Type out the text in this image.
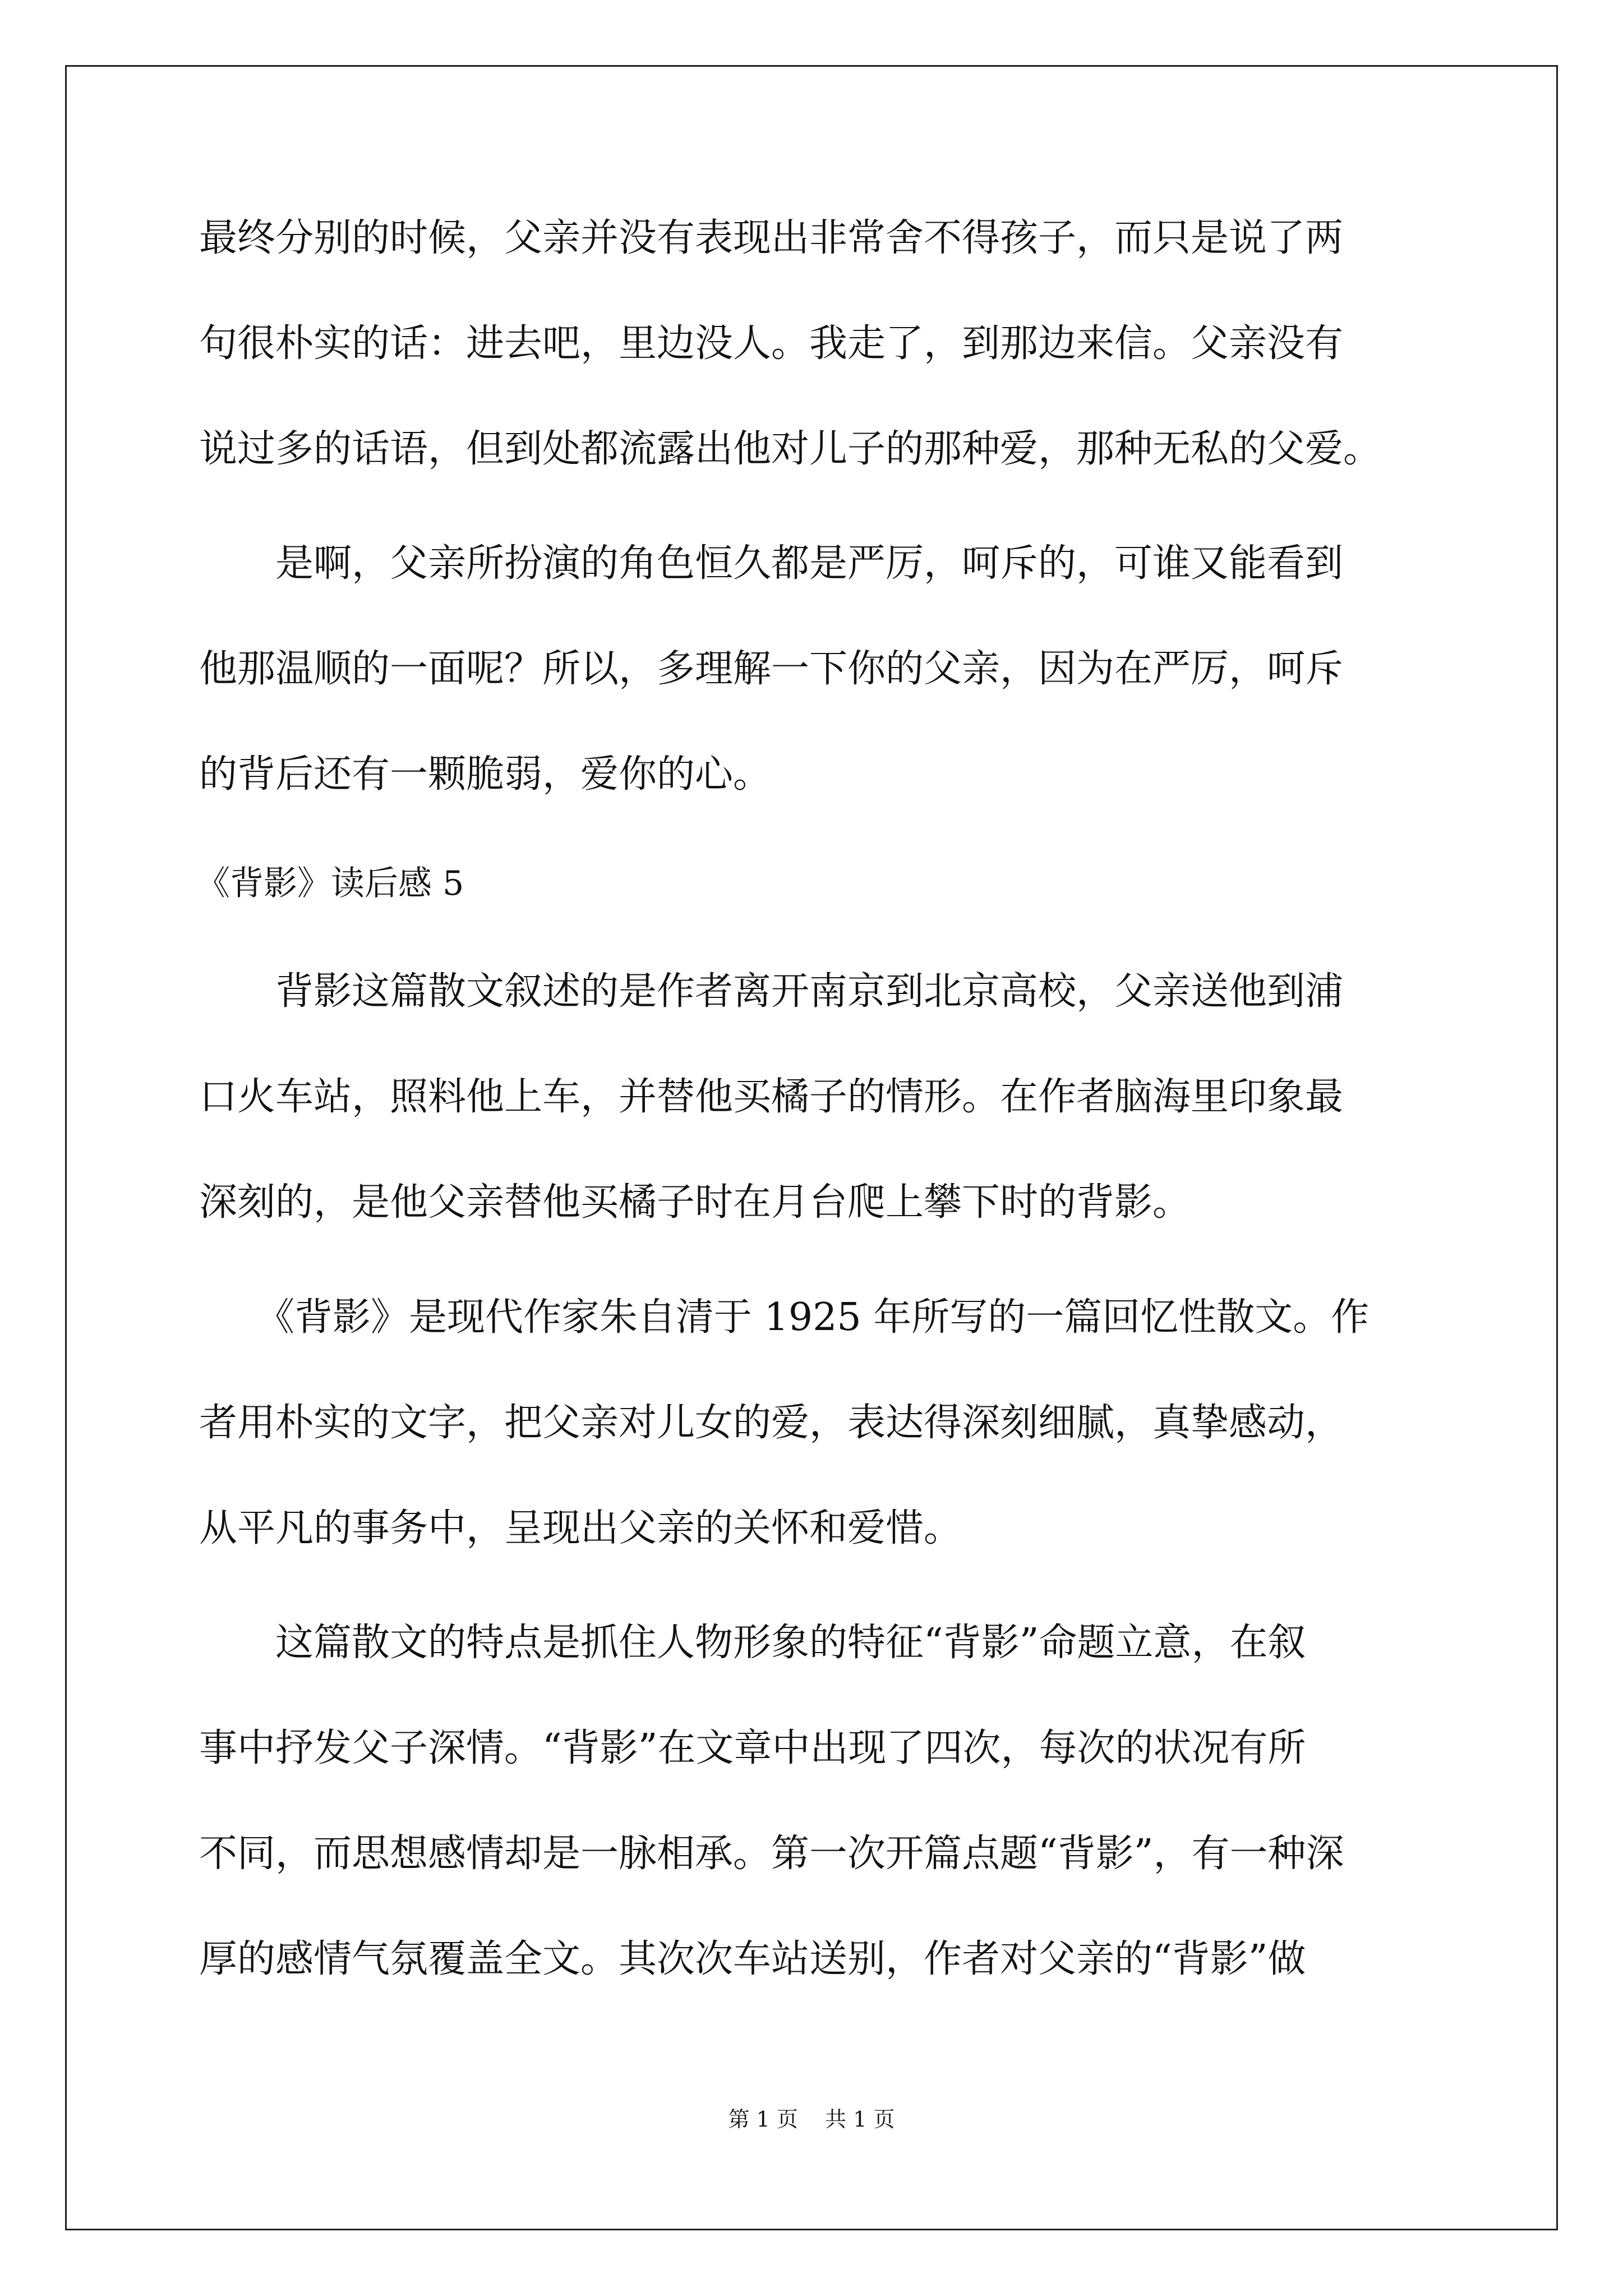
最终分别的时候，父亲并没有表现出非常舍不得孩子，而只是说了两
句很朴实的话：进去吧，里边没人。我走了，到那边来信。父亲没有
说过多的话语，但到处都流露出他对儿子的那种爱，那种无私的父爱。
　　是啊，父亲所扮演的角色恒久都是严厉，呵斥的，可谁又能看到
他那温顺的一面呢？所以，多理解一下你的父亲，因为在严厉，呵斥
的背后还有一颗脆弱，爱你的心。
《背影》读后感 5
　　背影这篇散文叙述的是作者离开南京到北京高校，父亲送他到浦
口火车站，照料他上车，并替他买橘子的情形。在作者脑海里印象最
深刻的，是他父亲替他买橘子时在月台爬上攀下时的背影。
　　《背影》是现代作家朱自清于 1925 年所写的一篇回忆性散文。作
者用朴实的文字，把父亲对儿女的爱，表达得深刻细腻，真挚感动，
从平凡的事务中，呈现出父亲的关怀和爱惜。
　　这篇散文的特点是抓住人物形象的特征“背影”命题立意，在叙
事中抒发父子深情。“背影”在文章中出现了四次，每次的状况有所
不同，而思想感情却是一脉相承。第一次开篇点题“背影”，有一种深
厚的感情气氛覆盖全文。其次次车站送别，作者对父亲的“背影”做
第 1 页    共 1 页
